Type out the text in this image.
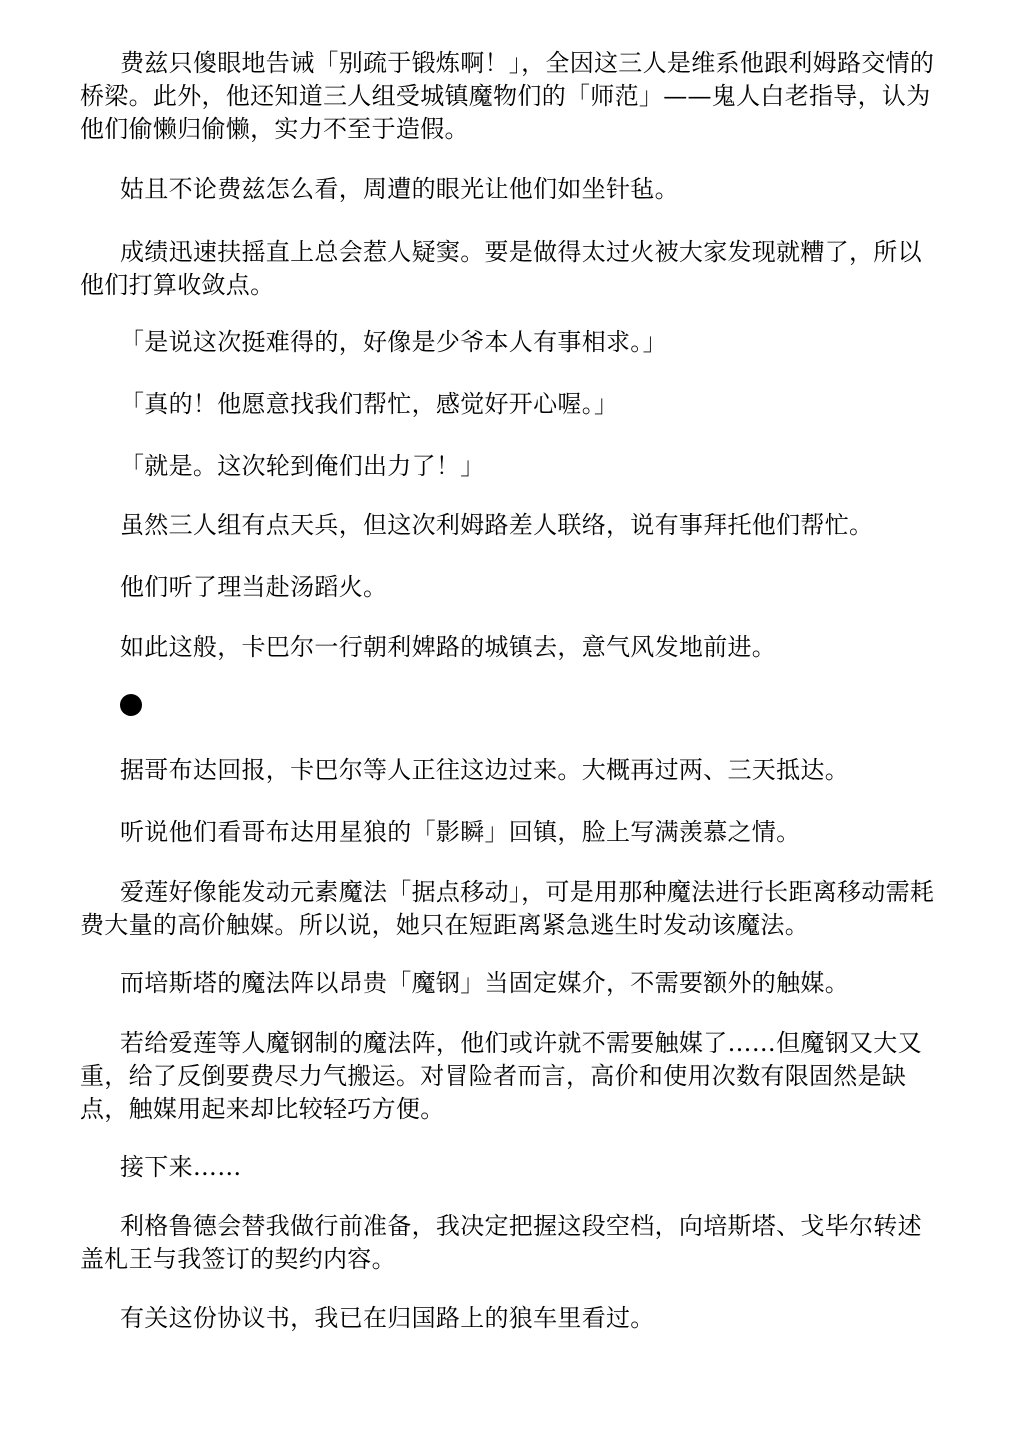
费兹只傻眼地告诫「别疏于锻炼啊！」，全因这三人是维系他跟利姆路交情的桥梁。此外，他还知道三人组受城镇魔物们的「师范」——鬼人白老指导，认为他们偷懒归偷懒，实力不至于造假。

姑且不论费兹怎么看，周遭的眼光让他们如坐针毡。

成绩迅速扶摇直上总会惹人疑窦。要是做得太过火被大家发现就糟了，所以他们打算收敛点。

「是说这次挺难得的，好像是少爷本人有事相求。」

「真的！他愿意找我们帮忙，感觉好开心喔。」

「就是。这次轮到俺们出力了！」

虽然三人组有点天兵，但这次利姆路差人联络，说有事拜托他们帮忙。

他们听了理当赴汤蹈火。

如此这般，卡巴尔一行朝利婢路的城镇去，意气风发地前进。

据哥布达回报，卡巴尔等人正往这边过来。大概再过两、三天抵达。

听说他们看哥布达用星狼的「影瞬」回镇，脸上写满羡慕之情。

爱莲好像能发动元素魔法「据点移动」，可是用那种魔法进行长距离移动需耗费大量的高价触媒。所以说，她只在短距离紧急逃生时发动该魔法。

而培斯塔的魔法阵以昂贵「魔钢」当固定媒介，不需要额外的触媒。

若给爱莲等人魔钢制的魔法阵，他们或许就不需要触媒了……但魔钢又大又重，给了反倒要费尽力气搬运。对冒险者而言，高价和使用次数有限固然是缺点，触媒用起来却比较轻巧方便。

接下来……

利格鲁德会替我做行前准备，我决定把握这段空档，向培斯塔、戈毕尔转述盖札王与我签订的契约内容。

有关这份协议书，我已在归国路上的狼车里看过。
